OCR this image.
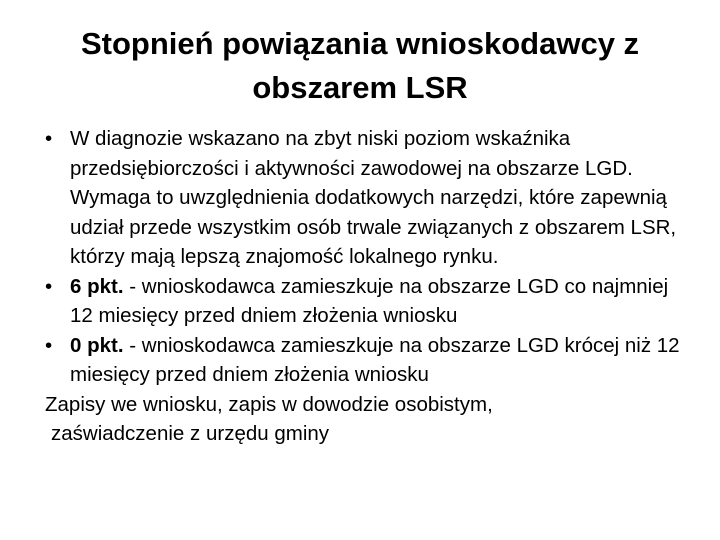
Stopnień powiązania wnioskodawcy z
obszarem LSR

• W diagnozie wskazano na zbyt niski poziom wskaźnika przedsiębiorczości i aktywności zawodowej na obszarze LGD. Wymaga to uwzględnienia dodatkowych narzędzi, które zapewnią udział przede wszystkim osób trwale związanych z obszarem LSR, którzy mają lepszą znajomość lokalnego rynku.

• 6 pkt. - wnioskodawca zamieszkuje na obszarze LGD co najmniej 12 miesięcy przed dniem złożenia wniosku

• 0 pkt. - wnioskodawca zamieszkuje na obszarze LGD krócej niż 12 miesięcy przed dniem złożenia wniosku

Zapisy we wniosku, zapis w dowodzie osobistym,

zaświadczenie z urzędu gminy
